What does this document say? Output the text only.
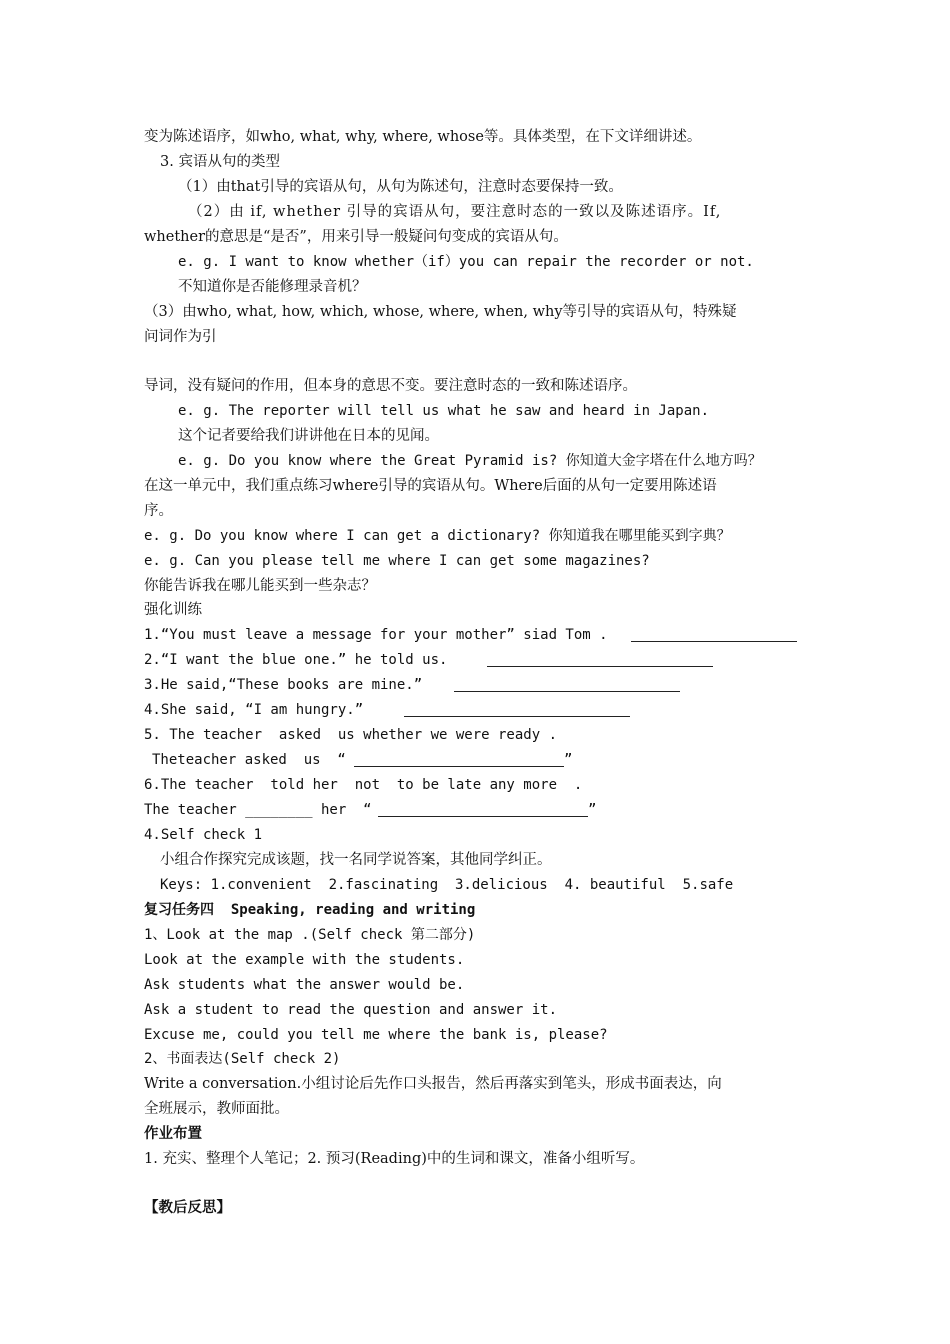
变为陈述语序，如who, what, why, where, whose等。具体类型，在下文详细讲述。
3. 宾语从句的类型
（1）由that引导的宾语从句，从句为陈述句，注意时态要保持一致。
（2）由 if, whether 引导的宾语从句，要注意时态的一致以及陈述语序。If,
whether的意思是“是否”，用来引导一般疑问句变成的宾语从句。
e. g. I want to know whether（if）you can repair the recorder or not.
不知道你是否能修理录音机？
（3）由who, what, how, which, whose, where, when, why等引导的宾语从句，特殊疑
问词作为引
导词，没有疑问的作用，但本身的意思不变。要注意时态的一致和陈述语序。
e. g. The reporter will tell us what he saw and heard in Japan.
这个记者要给我们讲讲他在日本的见闻。
e. g. Do you know where the Great Pyramid is? 你知道大金字塔在什么地方吗？
在这一单元中，我们重点练习where引导的宾语从句。Where后面的从句一定要用陈述语
序。
e. g. Do you know where I can get a dictionary? 你知道我在哪里能买到字典？
e. g. Can you please tell me where I can get some magazines?
你能告诉我在哪儿能买到一些杂志？
强化训练
1.“You must leave a message for your mother” siad Tom .
2.“I want the blue one.” he told us.
3.He said,“These books are mine.”
4.She said, “I am hungry.”
5. The teacher  asked  us whether we were ready .
Theteacher asked  us  “	”
6.The teacher  told her  not  to be late any more  .
The teacher ________ her  “	”
4.Self check 1
小组合作探究完成该题，找一名同学说答案，其他同学纠正。
Keys: 1.convenient  2.fascinating  3.delicious  4. beautiful  5.safe
复习任务四  Speaking, reading and writing
1、Look at the map .(Self check 第二部分)
Look at the example with the students.
Ask students what the answer would be.
Ask a student to read the question and answer it.
Excuse me, could you tell me where the bank is, please?
2、书面表达(Self check 2)
Write a conversation.小组讨论后先作口头报告，然后再落实到笔头，形成书面表达，向
全班展示，教师面批。
作业布置
1. 充实、整理个人笔记；2. 预习(Reading)中的生词和课文，准备小组听写。
【教后反思】
